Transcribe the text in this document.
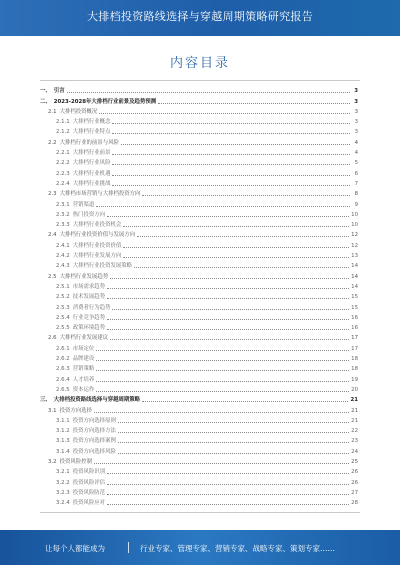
大排档投资路线选择与穿越周期策略研究报告
内容目录
一、 引言	3
二、 2023-2028年大排档行业前景及趋势预测	3
2.1 大排档投资概况	3
2.1.1 大排档行业概念	3
2.1.2 大排档行业特点	3
2.2 大排档行业的前景与风险	4
2.2.1 大排档行业前景	4
2.2.2 大排档行业风险	5
2.2.3 大排档行业机遇	6
2.2.4 大排档行业挑战	7
2.3 大排档市场营销与大排档投资方向	8
2.3.1 营销渠道	9
2.3.2 热门投资方向	10
2.3.3 大排档行业投资机会	10
2.4 大排档行业投资价值与发展方向	12
2.4.1 大排档行业投资价值	12
2.4.2 大排档行业发展方向	13
2.4.3 大排档行业投资发展策略	14
2.5 大排档行业发展趋势	14
2.5.1 市场需求趋势	14
2.5.2 技术发展趋势	15
2.5.3 消费者行为趋势	15
2.5.4 行业竞争趋势	16
2.5.5 政策环境趋势	16
2.6 大排档行业发展建议	17
2.6.1 市场定位	17
2.6.2 品牌建设	18
2.6.3 营销策略	18
2.6.4 人才培养	19
2.6.5 资本运作	20
三、 大排档投资路线选择与穿越周期策略	21
3.1 投资方向选择	21
3.1.1 投资方向选择原则	21
3.1.2 投资方向选择方法	22
3.1.3 投资方向选择案例	23
3.1.4 投资方向选择风险	24
3.2 投资风险控制	25
3.2.1 投资风险识别	26
3.2.2 投资风险评估	26
3.2.3 投资风险防范	27
3.2.4 投资风险应对	28
让每个人都能成为	行业专家、管理专家、营销专家、战略专家、策划专家……
